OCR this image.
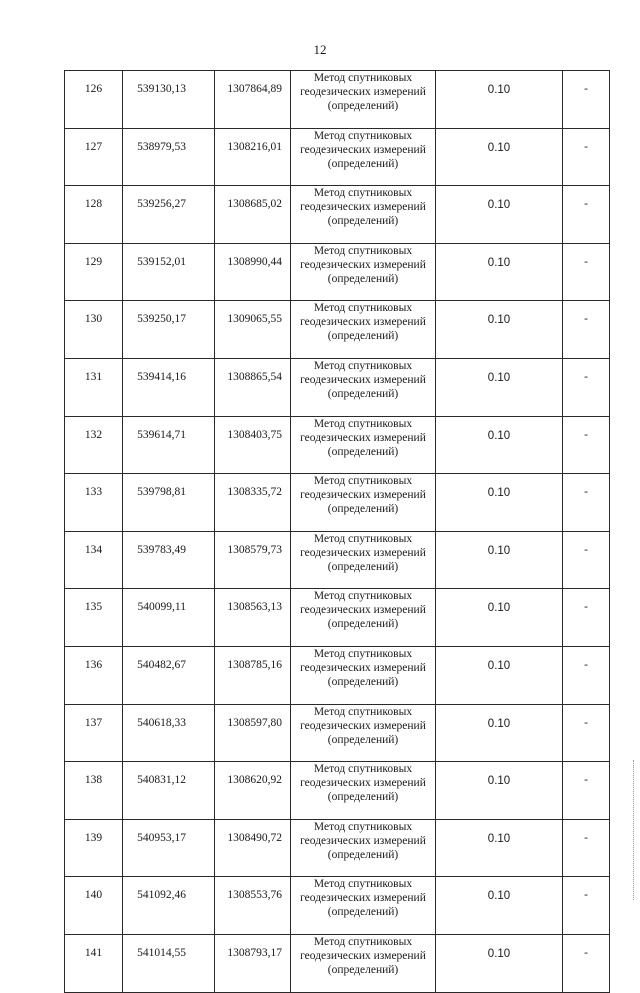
12
126	539130,13	1307864,89	Метод спутниковых
геодезических измерений
(определений)	0.10	-
127	538979,53	1308216,01	Метод спутниковых
геодезических измерений
(определений)	0.10	-
128	539256,27	1308685,02	Метод спутниковых
геодезических измерений
(определений)	0.10	-
129	539152,01	1308990,44	Метод спутниковых
геодезических измерений
(определений)	0.10	-
130	539250,17	1309065,55	Метод спутниковых
геодезических измерений
(определений)	0.10	-
131	539414,16	1308865,54	Метод спутниковых
геодезических измерений
(определений)	0.10	-
132	539614,71	1308403,75	Метод спутниковых
геодезических измерений
(определений)	0.10	-
133	539798,81	1308335,72	Метод спутниковых
геодезических измерений
(определений)	0.10	-
134	539783,49	1308579,73	Метод спутниковых
геодезических измерений
(определений)	0.10	-
135	540099,11	1308563,13	Метод спутниковых
геодезических измерений
(определений)	0.10	-
136	540482,67	1308785,16	Метод спутниковых
геодезических измерений
(определений)	0.10	-
137	540618,33	1308597,80	Метод спутниковых
геодезических измерений
(определений)	0.10	-
138	540831,12	1308620,92	Метод спутниковых
геодезических измерений
(определений)	0.10	-
139	540953,17	1308490,72	Метод спутниковых
геодезических измерений
(определений)	0.10	-
140	541092,46	1308553,76	Метод спутниковых
геодезических измерений
(определений)	0.10	-
141	541014,55	1308793,17	Метод спутниковых
геодезических измерений
(определений)	0.10	-
